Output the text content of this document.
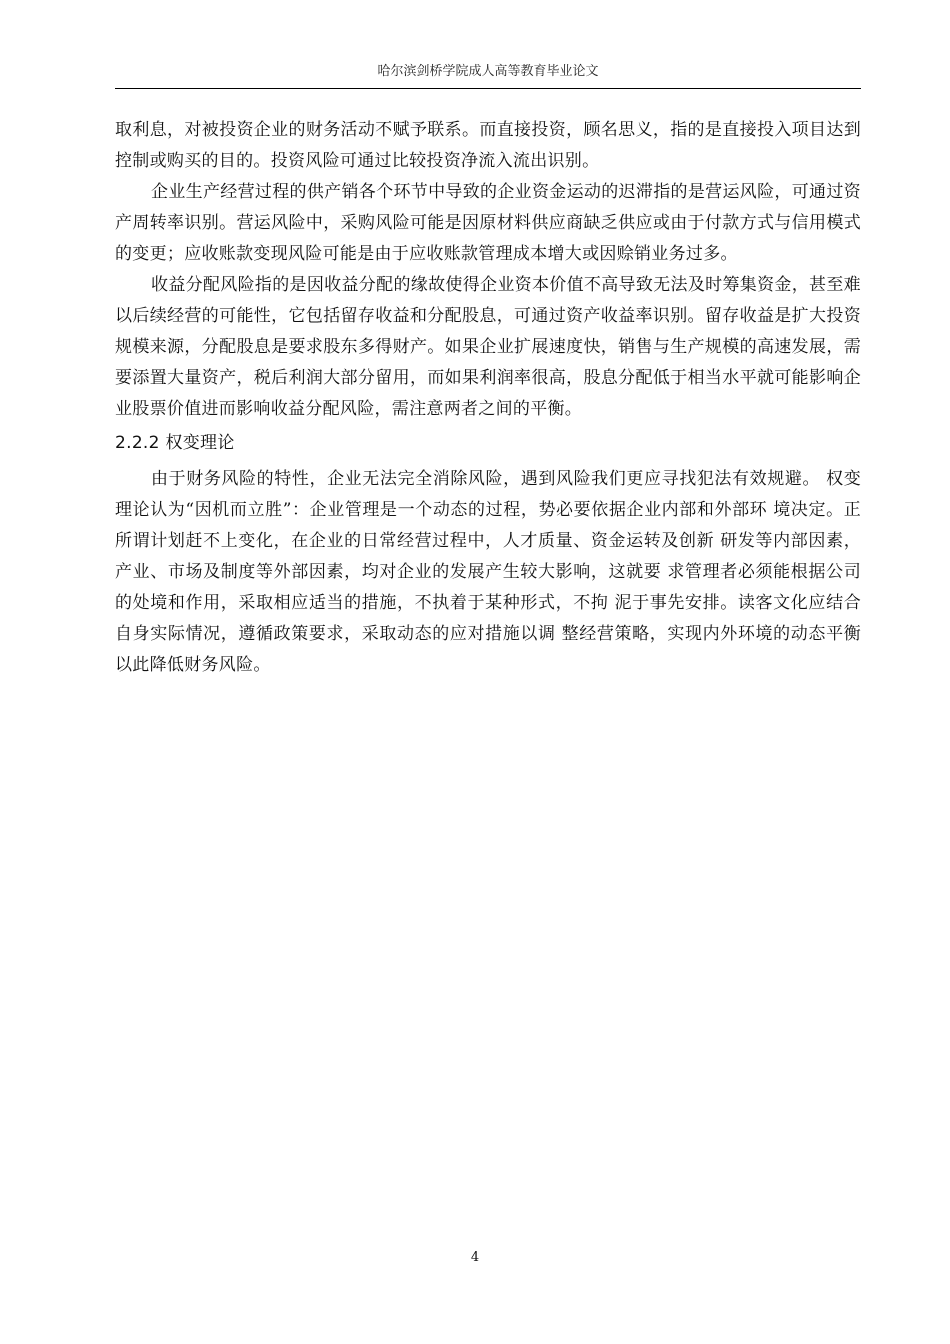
哈尔滨剑桥学院成人高等教育毕业论文

取利息，对被投资企业的财务活动不赋予联系。而直接投资，顾名思义，指的是直接投入项目达到控制或购买的目的。投资风险可通过比较投资净流入流出识别。

企业生产经营过程的供产销各个环节中导致的企业资金运动的迟滞指的是营运风险，可通过资产周转率识别。营运风险中，采购风险可能是因原材料供应商缺乏供应或由于付款方式与信用模式的变更；应收账款变现风险可能是由于应收账款管理成本增大或因赊销业务过多。

收益分配风险指的是因收益分配的缘故使得企业资本价值不高导致无法及时筹集资金，甚至难以后续经营的可能性，它包括留存收益和分配股息，可通过资产收益率识别。留存收益是扩大投资规模来源，分配股息是要求股东多得财产。如果企业扩展速度快，销售与生产规模的高速发展，需要添置大量资产，税后利润大部分留用，而如果利润率很高，股息分配低于相当水平就可能影响企业股票价值进而影响收益分配风险，需注意两者之间的平衡。

2.2.2 权变理论

由于财务风险的特性，企业无法完全消除风险，遇到风险我们更应寻找犯法有效规避。 权变理论认为“因机而立胜”：企业管理是一个动态的过程，势必要依据企业内部和外部环 境决定。正所谓计划赶不上变化，在企业的日常经营过程中，人才质量、资金运转及创新 研发等内部因素，产业、市场及制度等外部因素，均对企业的发展产生较大影响，这就要 求管理者必须能根据公司的处境和作用，采取相应适当的措施，不执着于某种形式，不拘 泥于事先安排。读客文化应结合自身实际情况，遵循政策要求，采取动态的应对措施以调 整经营策略，实现内外环境的动态平衡以此降低财务风险。

4
